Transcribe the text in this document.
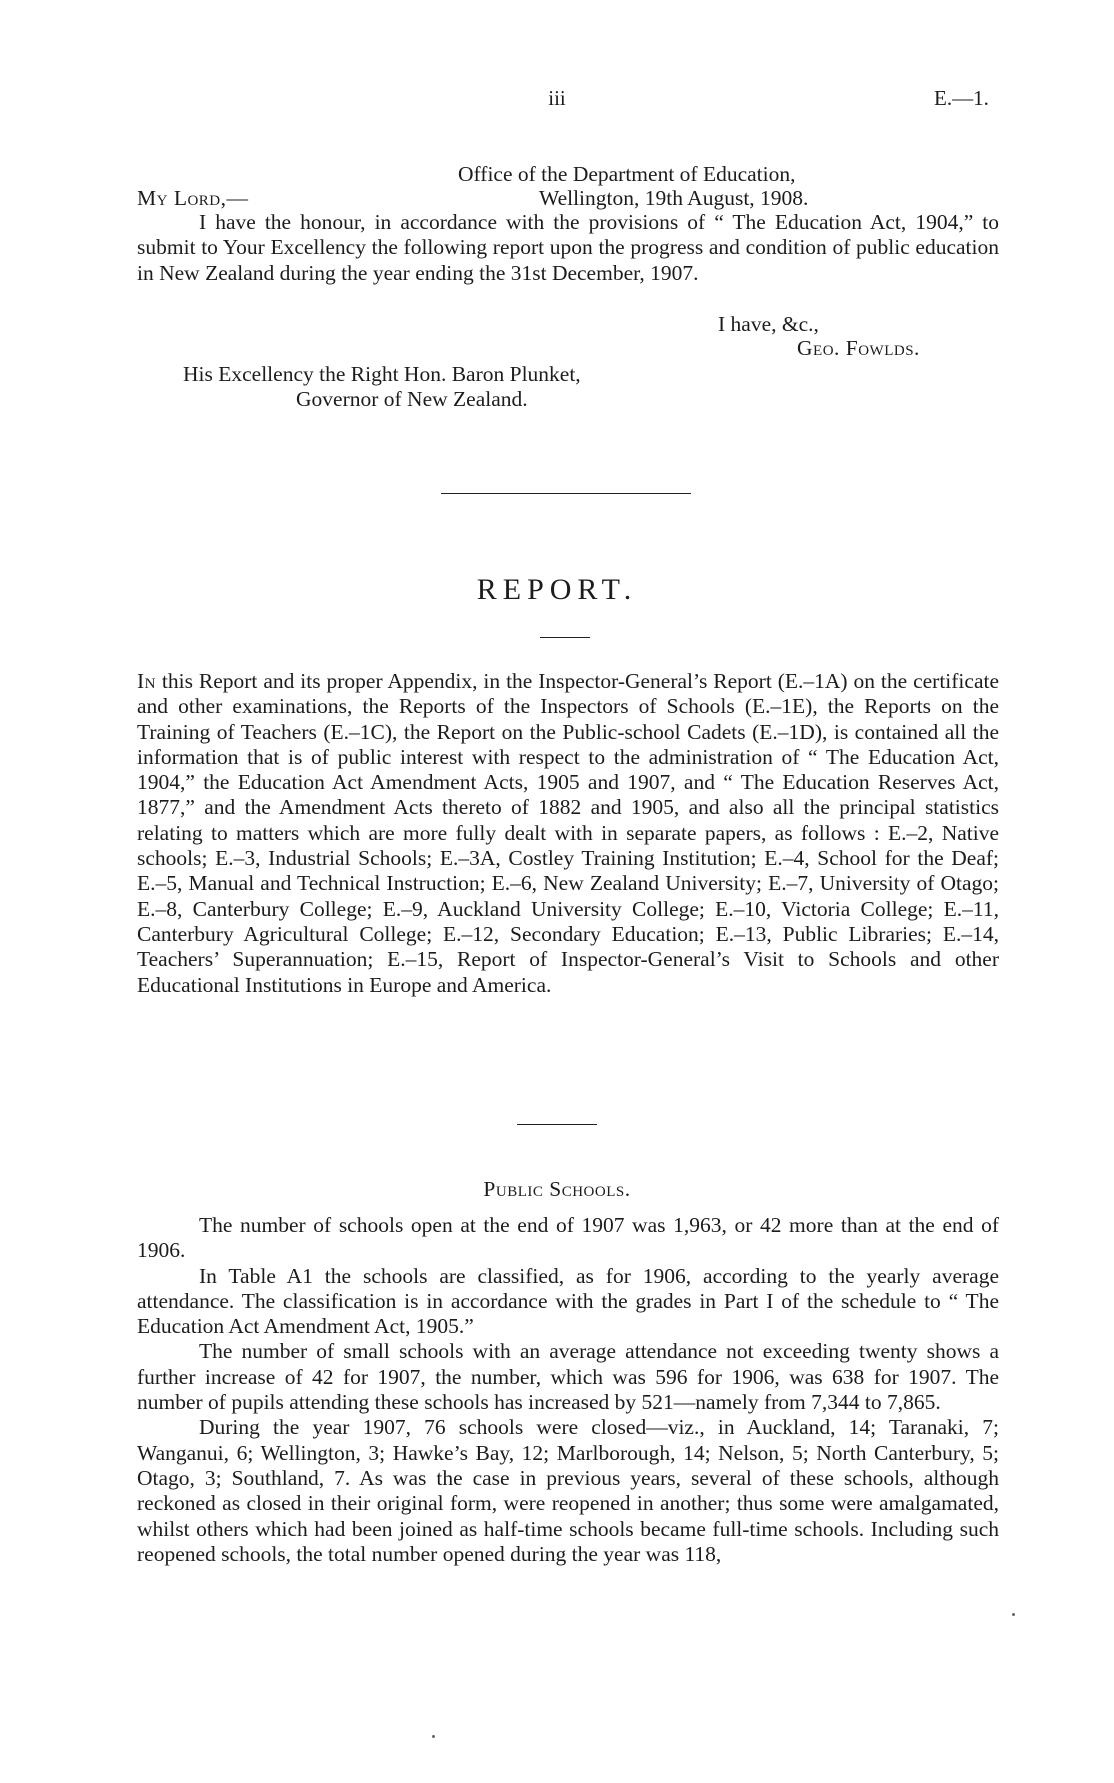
iii	E.—1.
Office of the Department of Education,
My Lord,—	Wellington, 19th August, 1908.

I have the honour, in accordance with the provisions of “ The Education Act, 1904,” to submit to Your Excellency the following report upon the progress and condition of public education in New Zealand during the year ending the 31st December, 1907.

I have, &c.,
Geo. Fowlds.
His Excellency the Right Hon. Baron Plunket,
Governor of New Zealand.
REPORT.

In this Report and its proper Appendix, in the Inspector-General’s Report (E.–1A) on the certificate and other examinations, the Reports of the Inspectors of Schools (E.–1E), the Reports on the Training of Teachers (E.–1C), the Report on the Public-school Cadets (E.–1D), is contained all the information that is of public interest with respect to the administration of “ The Education Act, 1904,” the Education Act Amendment Acts, 1905 and 1907, and “ The Education Reserves Act, 1877,” and the Amendment Acts thereto of 1882 and 1905, and also all the principal statistics relating to matters which are more fully dealt with in separate papers, as follows : E.–2, Native schools; E.–3, Industrial Schools; E.–3A, Costley Training Institution; E.–4, School for the Deaf; E.–5, Manual and Technical Instruction; E.–6, New Zealand University; E.–7, University of Otago; E.–8, Canterbury College; E.–9, Auckland University College; E.–10, Victoria College; E.–11, Canterbury Agricultural College; E.–12, Secondary Education; E.–13, Public Libraries; E.–14, Teachers’ Superannuation; E.–15, Report of Inspector-General’s Visit to Schools and other Educational Institutions in Europe and America.

Public Schools.

The number of schools open at the end of 1907 was 1,963, or 42 more than at the end of 1906.

In Table A1 the schools are classified, as for 1906, according to the yearly average attendance. The classification is in accordance with the grades in Part I of the schedule to “ The Education Act Amendment Act, 1905.”

The number of small schools with an average attendance not exceeding twenty shows a further increase of 42 for 1907, the number, which was 596 for 1906, was 638 for 1907. The number of pupils attending these schools has increased by 521—namely from 7,344 to 7,865.

During the year 1907, 76 schools were closed—viz., in Auckland, 14; Taranaki, 7; Wanganui, 6; Wellington, 3; Hawke’s Bay, 12; Marlborough, 14; Nelson, 5; North Canterbury, 5; Otago, 3; Southland, 7. As was the case in previous years, several of these schools, although reckoned as closed in their original form, were reopened in another; thus some were amalgamated, whilst others which had been joined as half-time schools became full-time schools. Including such reopened schools, the total number opened during the year was 118,
